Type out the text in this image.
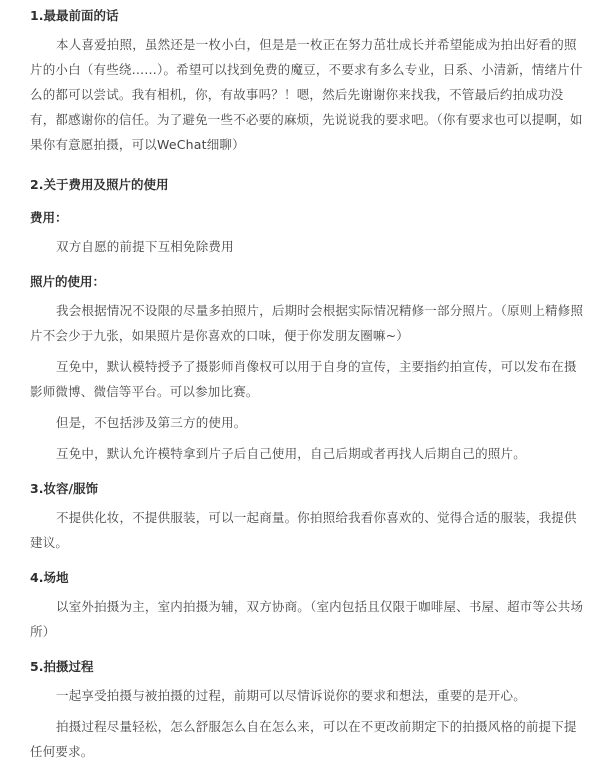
1.最最前面的话

本人喜爱拍照，虽然还是一枚小白，但是是一枚正在努力茁壮成长并希望能成为拍出好看的照片的小白（有些绕……）。希望可以找到免费的魔豆，不要求有多么专业，日系、小清新，情绪片什么的都可以尝试。我有相机，你，有故事吗？！嗯，然后先谢谢你来找我，不管最后约拍成功没有，都感谢你的信任。为了避免一些不必要的麻烦，先说说我的要求吧。（你有要求也可以提啊，如果你有意愿拍摄，可以WeChat细聊）

2.关于费用及照片的使用
费用：

双方自愿的前提下互相免除费用

照片的使用：

我会根据情况不设限的尽量多拍照片，后期时会根据实际情况精修一部分照片。（原则上精修照片不会少于九张，如果照片是你喜欢的口味，便于你发朋友圈嘛~）

互免中，默认模特授予了摄影师肖像权可以用于自身的宣传，主要指约拍宣传，可以发布在摄影师微博、微信等平台。可以参加比赛。

但是，不包括涉及第三方的使用。

互免中，默认允许模特拿到片子后自己使用，自己后期或者再找人后期自己的照片。

3.妆容/服饰

不提供化妆，不提供服装，可以一起商量。你拍照给我看你喜欢的、觉得合适的服装，我提供建议。

4.场地

以室外拍摄为主，室内拍摄为辅，双方协商。（室内包括且仅限于咖啡屋、书屋、超市等公共场所）

5.拍摄过程

一起享受拍摄与被拍摄的过程，前期可以尽情诉说你的要求和想法，重要的是开心。

拍摄过程尽量轻松，怎么舒服怎么自在怎么来，可以在不更改前期定下的拍摄风格的前提下提任何要求。
